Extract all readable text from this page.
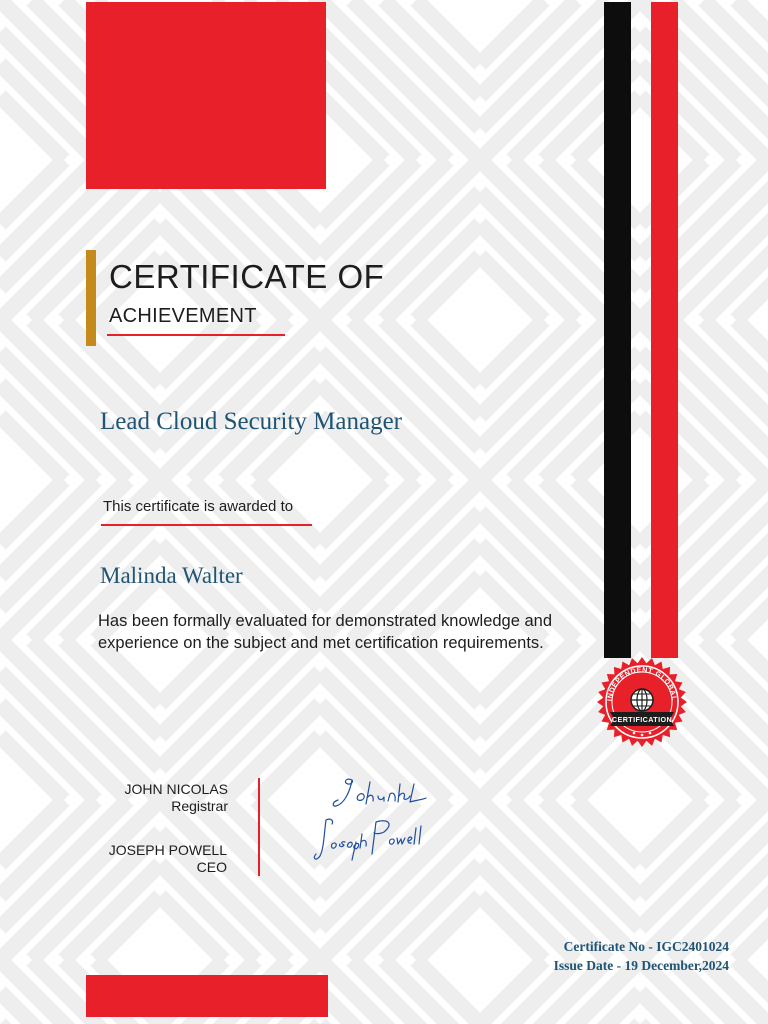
INDEPENDENT GLOBAL
CERTIFICATION
CERTIFICATE OF
ACHIEVEMENT
Lead Cloud Security Manager
This certificate is awarded to
Malinda Walter
Has been formally evaluated for demonstrated knowledge and experience on the subject and met certification requirements.
JOHN NICOLAS
Registrar
JOSEPH POWELL
CEO
Certificate No - IGC2401024
Issue Date - 19 December,2024
